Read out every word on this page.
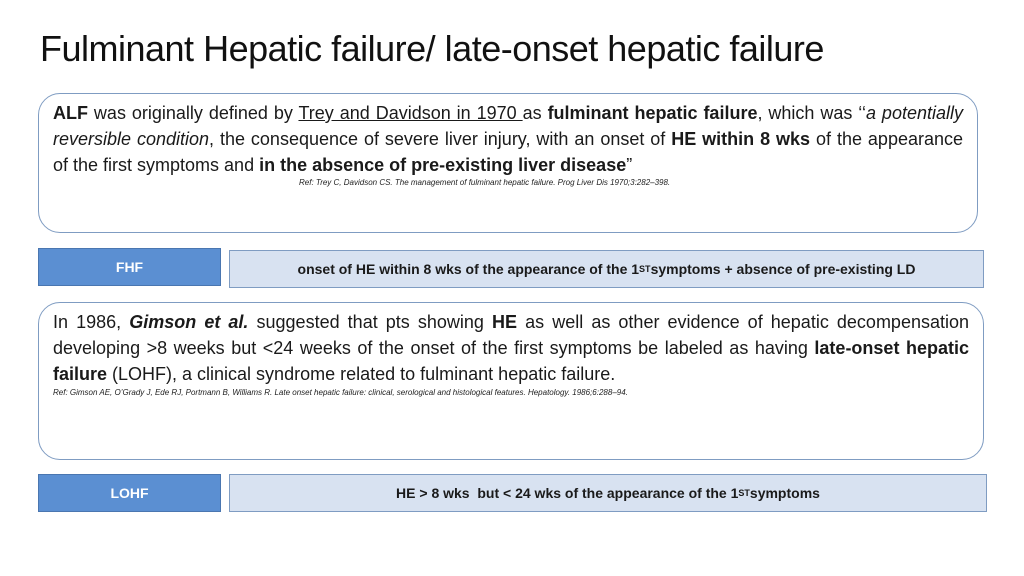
Fulminant Hepatic failure/ late-onset hepatic failure

ALF was originally defined by Trey and Davidson in 1970 as fulminant hepatic failure, which was ‘‘a potentially reversible condition, the consequence of severe liver injury, with an onset of HE within 8 wks of the appearance of the first symptoms and in the absence of pre-existing liver disease”

Ref: Trey C, Davidson CS. The management of fulminant hepatic failure. Prog Liver Dis 1970;3:282–398.

FHF	onset of HE within 8 wks of the appearance of the 1 ST symptoms + absence of pre-existing LD

In 1986, Gimson et al. suggested that pts showing HE as well as other evidence of hepatic decompensation developing >8 weeks but <24 weeks of the onset of the first symptoms be labeled as having late-onset hepatic failure (LOHF), a clinical syndrome related to fulminant hepatic failure.

Ref: Gimson AE, O’Grady J, Ede RJ, Portmann B, Williams R. Late onset hepatic failure: clinical, serological and histological features. Hepatology. 1986;6:288–94.

LOHF	HE > 8 wks  but < 24 wks of the appearance of the 1 ST symptoms
